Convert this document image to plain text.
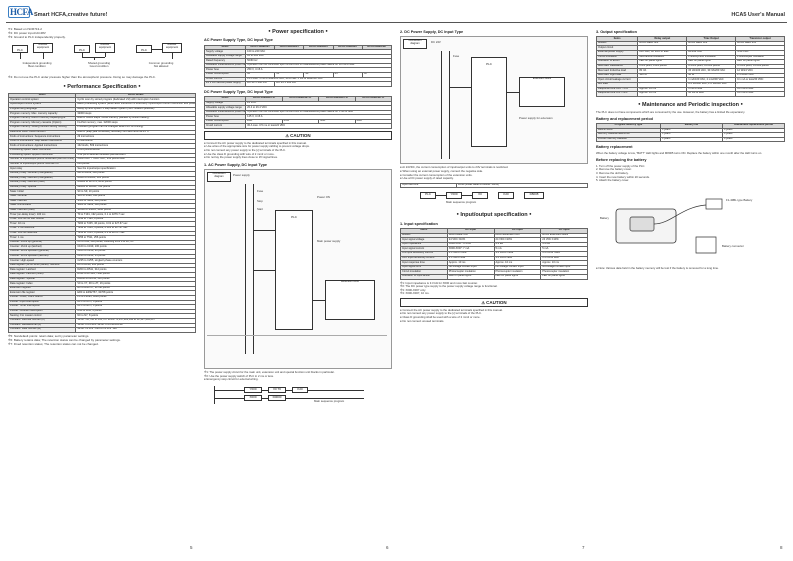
HCFA Smart HCFA,creative future!	HCA5 User's Manual
※1: Based on ISO6713-2
※2: DC power input=AC48V
※3: Ground to PLC independently properly.
PLC
Another equipment
PLC
Another equipment
PLC
Another equipment
Independent grounding
Best condition
Shared grounding
Good condition
Common grounding
Not allowed
※4: Do not use the PLC under pressure higher than the atmospheric pressure. Doing so may damage the PLC.
● Performance Specification ●
Items	HCA5 Series
Operation control system	Cyclic scan by stored program (dedicated LSI) with interruption function
Input/output control system	Batch processing system (when END instruction is executed) Input/output refresh instruction and pulse
Programming language	Relay symbol system + step ladder system (SFC notation possible)
Program memory: Max. memory capacity	32000 steps
Program memory: Built-in memory capacity/type	Built-in 64000 steps / RAM memory (backed by lithium battery)
Program memory: Memory cassette (Option)	FLASH memory; max. 32000 steps
Program memory: Writing function during running	Provided (program can be changed while PLC is running)
Real-time clock: Clock function	Built-in (leap year corrected); accuracy ±45 sec/month at 25°C
Kinds of instructions: Sequence instructions	29 instructions
Kinds of instructions: Step ladder instructions	2 instructions
Kinds of instructions: Applied instructions	132 kinds, 509 instructions
Processing speed: Basic instruction	0.065 μs/instruction
Processing speed: Applied instruction	1.52 μs to several hundreds μs/instruction
Number of input/output points: Extended (with AC units)	X000-X367 / Y000-Y367, 256 points total
Number of input/output points: Remote I/O	256 points
Input relay	See the input/output specification
Auxiliary relay: General (changeable)	M0 to M499, 500 points
Auxiliary relay: Latched (changeable)	M500 to M1023, 524 points
Auxiliary relay: Latched (fixed)	M1024 to M7679, 6656 points
Auxiliary relay: Special	M8000 to M8511, 512 points
State: Initial	S0 to S9, 10 points
State: General	S10 to S499, 490 points
State: Latched	S500 to S899, 400 points
State: Annunciator	S900 to S999, 100 points
State: Latched (fixed)	S1000 to S4095, 3096 points
Timer (on-delay timer): 100 ms	T0 to T191, 192 points, 0.1 to 3276.7 sec
Timer: 100 ms for sub routine	T192 to T199, 8 points
Timer: 10 ms	T200 to T245, 46 points, 0.01 to 327.67 sec
Timer: 1 ms retentive	T246 to T249, 4 points, 0.001 to 32.767 sec
Timer: 100 ms retentive	T250 to T255, 6 points, 0.1 to 3276.7 sec
Timer: 1 ms	T256 to T511, 256 points
Counter: 16-bit up (general)	C0 to C99, 100 points, Counting from 0 to 32,767
Counter: 16-bit up (latched)	C100 to C199, 100 points
Counter: 32-bit up/down (general)	C200 to C219, 20 points
Counter: 32-bit up/down (latched)	C220 to C234, 15 points
Counter: High-speed	C235 to C255, single/2-phase counters
Data register (32-bit when paired): General	D0 to D199, 200 points
Data register: Latched	D200 to D511, 312 points
Data register: Latched (fixed)	D512 to D7999, 7488 points
Data register: Special	D8000 to D8511, 512 points
Data register: Index	V0 to V7, Z0 to Z7, 16 points
Extension register	R0 to R32767, 32768 points
Extension file register	ER0 to ER32767, 32768 points
Pointer: JUMP, CALL branch	P0 to P4095, 4096 points
Pointer: Input interruption	I0□□ to I5□□, 6 points
Pointer: Timer interruption	I6□□ to I8□□, 3 points
Pointer: Counter interruption	I010 to I060, 6 points
Nesting: For master control	N0 to N7, 8 points
Constant: Decimal number (K)	16-bit: -32,768 to +32,767 32-bit: -2,147,483,648 to +2,147,483,647
Constant: Hexadecimal (H)	16-bit: 0 to FFFF 32-bit: 0 to FFFFFFFF
Constant: Real number (E)	32-bit: ±1.0×2^-126 to ±1.0×2^128
※5: Nondefault points: retain data; set by parameter settings.
※6: Battery retains data; The retention status can be changed by parameter settings.
※7: Fixed retention status; The retention status can not be changed.
● Power specification ●
AC Power Supply Type, DC Input Type
Items	HCA5-16MR/MT	HCA5-32MR/MT	HCA5-48MR/MT	HCA5-64MR/MT	HCA5-80MR/MT
Supply voltage	100 to 240 VAC				
Allowable supply voltage range	85 to 264 VAC				
Rated frequency	50/60 Hz				
Allowable instantaneous power fai	Operation can be continued upon occurrence of instantaneous power failure for 10 ms or less				
Power fuse	250 V, 3.15 A				
Power consumption	30	35	40	45	50
Inrush current	15 A max. 5 ms or less/100 VAC, 28 A max. 5 ms or less/200 VAC				
24 V DC service power supply	DC 24 V 400 mA	DC 24 V 460 mA			
DC Power Supply Type, DC Input Type
Items	HCA5-16MR/MT-D	HCA5-32MR/MT-D	HCA5-48MR/MT-D	HCA5-64MR/MT-D
Supply voltage	24 VDC			
Allowable supply voltage range	20.4 to 26.4 VDC			
Allowable instantaneous power fai	Operation can be continued upon occurrence of instantaneous power failure for 5 ms or less			
Power fuse	125 V, 3.15 A			
Power consumption	20W	25W	30W	40W
Inrush current	30 A max. 0.5 ms or less/24 VDC			
⚠ CAUTION
● Connect the AC power supply to the dedicated terminals specified in this manual.
● Use wires of the appropriate size for power supply cabling to prevent voltage drops.
● Do not connect any power supply to the [•] terminals of the PLC.
● Use the class D grounding with wire of 2 mm2 or more.
● Do not lay the power supply lines close to I/O signal lines.
1. AC Power Supply, DC Input Type
Connection diagram
PLC
Power supply
Fuse
Stop
Start
Power ON
Main power supply
Extension units
※1: The power supply circuit for the main unit, extension unit and special function unit blocks in particular.
※2: Use the power supply switch of PLC in 2 ms or less.
● Emergency stop circuit for external wiring.
Y000	X0 T0	K20
X000	D0000
Main sequence program
2. DC Power Supply, DC Input Type
Connection diagram
PLC
DC 24V
Fuse
Extension block
Power supply for extension
● At 24VDC, the current consumption of input/output units to 24V terminals is restricted.
● When using an external power supply, connect the negative side.
● Consider the current consumption of the extension units.
● Use a DC power supply of rated capacity.
Input fast time	20ms (initial value of D8008: 10ms)
PLC	Y000	X0	K20	D8008
Main sequence program
● Input/output specification ●
1. Input specification
Items	DC input	DC input	DC input
Models	HCA5 Basic unit	HCA5 Extension unit	HCA5 Extension block
Input signal voltage	24 VDC ±10%	24 VDC ±10%	24 VDC ±10%
Input impedance	X000-X007: 3.3 kΩ	4.3 kΩ	4.3 kΩ
Input signal current	X000-X007: 7 mA	5 mA	5 mA
ON input sensitivity current	4.5 mA or more	3.5 mA or more	3.5 mA or more
OFF input sensitivity current	1.5 mA or less	1.5 mA or less	1.5 mA or less
Input response time	Approx. 10 ms	Approx. 10 ms	Approx. 10 ms
Input signal form	No-voltage contact input	No-voltage contact input	No-voltage contact input
Circuit insulation	Photocoupler insulation	Photocoupler insulation	Photocoupler insulation
Indication of input action	LED on panel lights	LED on panel lights	LED on panel lights
※1: Input impedance is 3.3 kΩ for X000 and more fast counter.
※2: The DC power type supply to the power supply voltage range is functional.
※3: X000-X007 only.
※4: X000-X007, 10 ms.
⚠ CAUTION
● Connect the AC power supply to the dedicated terminals specified in this manual.
● Do not connect any power supply to the [•] terminals of the PLC.
● Class D grounding shall be used with a wire of 2 mm2 or more.
● Do not connect unused terminals.
3. Output specification
Items	Relay output	Triac Output	Transistor output
Models	HCA5 Basic unit	HCA5 Basic unit	HCA5 Basic unit
Output circuit			
External power supply	250 VAC, 30 VDC or less	85-242 VAC	5-30 VDC
Circuit insulation	Mechanical insulation	Photothyristor insulation	Photocoupler insulation
Indication of action	LED on panel lights	LED on panel lights	LED on panel lights
Max load: Resistance	2 A/1 point, 8 A/4 points	0.3 A/1 point, 0.8 A/4 points	0.5 A/1 point, 0.8 A/4 points
Max load: Inductive load	80 VA	15 VA/100 VAC, 30 VA/200 VAC	12 W/24 VDC
Max load: Light load	100 W	30 W	1.5 W/24 VDC
Open circuit leakage current	-	1 mA/100 VAC, 2 mA/200 VAC	0.1 mA or less/30 VDC
Min load	-	0.4 VA/100 VAC, 1.6 VA/200 VAC	-
Response time OFF→ON	Approx. 10 ms	1 ms or less	0.2 ms or less
Response time ON→OFF	Approx. 10 ms	10 ms or less	0.2 ms or less
● Maintenance and Periodic inspection ●
The PLC does not have components which are consumed by the use. However, the battery has a limited life expectancy.
Battery and replacement period
Program memory type	Battery life	Guaranteed replacement period
Built-in RAM	5 years	3 years
Memory cassette EEPROM	5 years	3 years
FLASH memory cassette	5 years	3 years
Battery replacement
When the battery voltage is low, "BATT" LED lights and M8005 turns ON. Replace the battery within one month after the LED turns on.
Before replacing the battery
1. Turn off the power supply of the PLC.
2. Remove the battery cover.
3. Remove the old battery.
4. Insert the new battery within 20 seconds.
5. Attach the battery cover.
Battery
F1-40BL type Battery
Battery connector
● Note: Various data held in the battery memory will be lost if the battery is removed for a long time.
5	6	7	8
